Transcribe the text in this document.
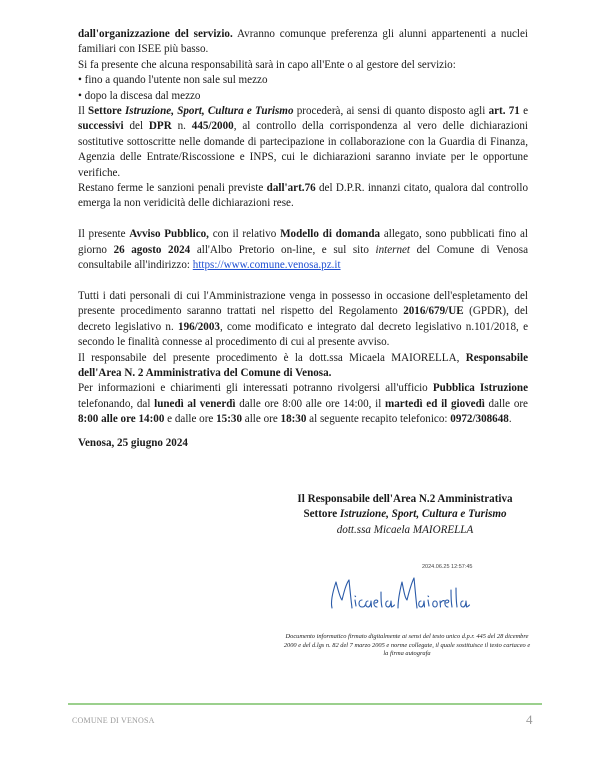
dall'organizzazione del servizio. Avranno comunque preferenza gli alunni appartenenti a nuclei familiari con ISEE più basso.

Si fa presente che alcuna responsabilità sarà in capo all'Ente o al gestore del servizio:

• fino a quando l'utente non sale sul mezzo

• dopo la discesa dal mezzo

Il Settore Istruzione, Sport, Cultura e Turismo procederà, ai sensi di quanto disposto agli art. 71 e successivi del DPR n. 445/2000, al controllo della corrispondenza al vero delle dichiarazioni sostitutive sottoscritte nelle domande di partecipazione in collaborazione con la Guardia di Finanza, Agenzia delle Entrate/Riscossione e INPS, cui le dichiarazioni saranno inviate per le opportune verifiche.

Restano ferme le sanzioni penali previste dall'art.76 del D.P.R. innanzi citato, qualora dal controllo emerga la non veridicità delle dichiarazioni rese.

Il presente Avviso Pubblico, con il relativo Modello di domanda allegato, sono pubblicati fino al giorno 26 agosto 2024 all'Albo Pretorio on-line, e sul sito internet del Comune di Venosa consultabile all'indirizzo: https://www.comune.venosa.pz.it

Tutti i dati personali di cui l'Amministrazione venga in possesso in occasione dell'espletamento del presente procedimento saranno trattati nel rispetto del Regolamento 2016/679/UE (GPDR), del decreto legislativo n. 196/2003, come modificato e integrato dal decreto legislativo n.101/2018, e secondo le finalità connesse al procedimento di cui al presente avviso.

Il responsabile del presente procedimento è la dott.ssa Micaela MAIORELLA, Responsabile dell'Area N. 2 Amministrativa del Comune di Venosa.

Per informazioni e chiarimenti gli interessati potranno rivolgersi all'ufficio Pubblica Istruzione telefonando, dal lunedì al venerdì dalle ore 8:00 alle ore 14:00, il martedì ed il giovedì dalle ore 8:00 alle ore 14:00 e dalle ore 15:30 alle ore 18:30 al seguente recapito telefonico: 0972/308648.

Venosa, 25 giugno 2024

Il Responsabile dell'Area N.2 Amministrativa
Settore Istruzione, Sport, Cultura e Turismo
dott.ssa Micaela MAIORELLA
2024.06.25 12:57:45
Documento informatico firmato digitalmente ai sensi del testo unico d.p.r. 445 del 28 dicembre 2000 e del d.lgs n. 82 del 7 marzo 2005 e norme collegate, il quale sostituisce il testo cartaceo e la firma autografa
COMUNE DI VENOSA	4
